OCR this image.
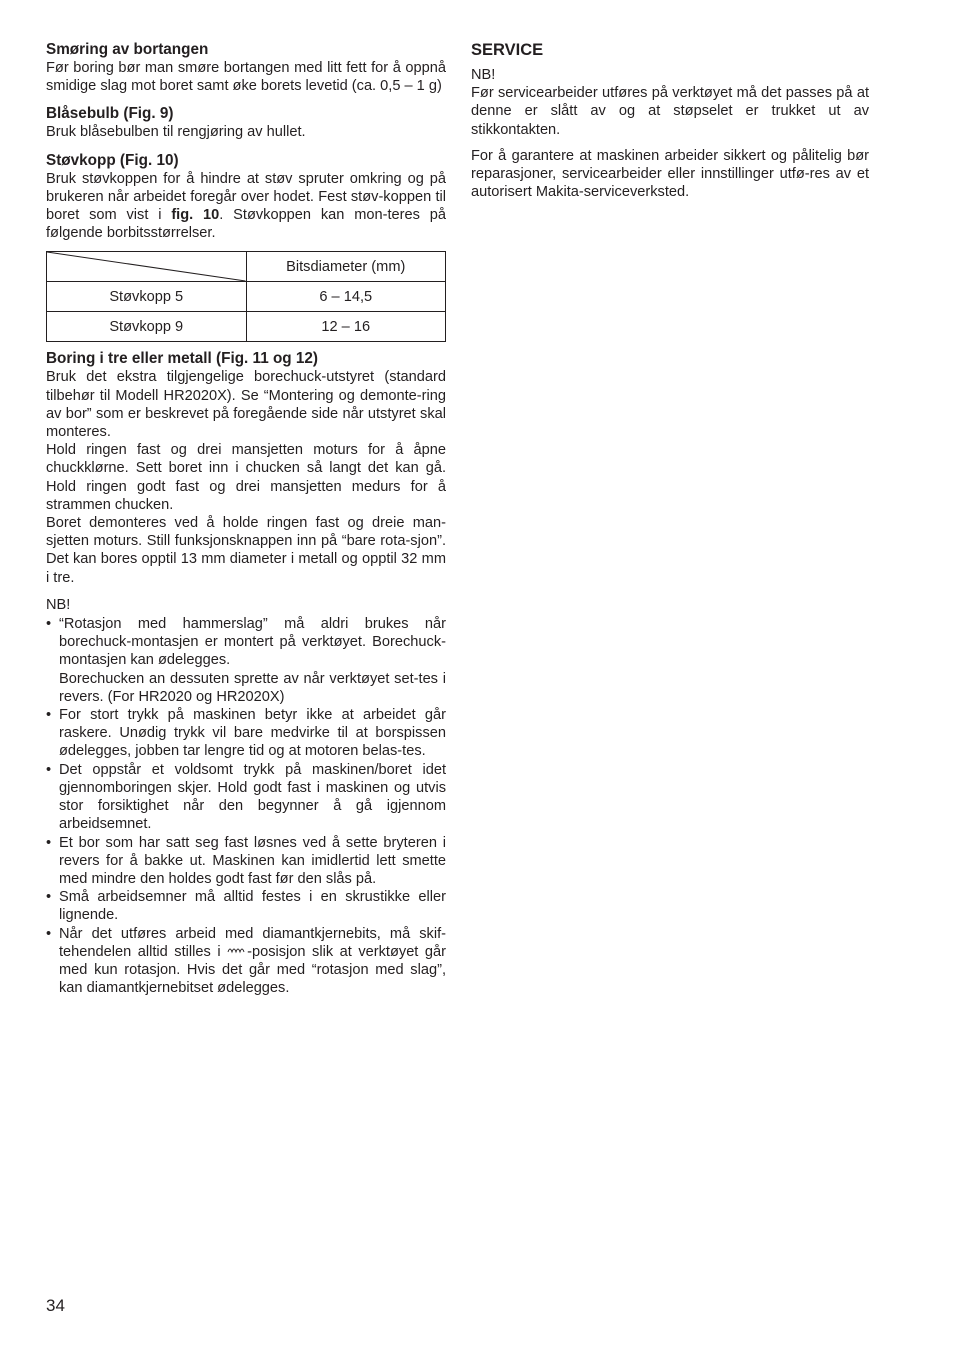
Smøring av bortangen

Før boring bør man smøre bortangen med litt fett for å oppnå smidige slag mot boret samt øke borets levetid (ca. 0,5 – 1 g)

Blåsebulb (Fig. 9)

Bruk blåsebulben til rengjøring av hullet.

Støvkopp (Fig. 10)

Bruk støvkoppen for å hindre at støv spruter omkring og på brukeren når arbeidet foregår over hodet. Fest støv-koppen til boret som vist i fig. 10. Støvkoppen kan mon-teres på følgende borbitsstørrelser.

	Bitsdiameter (mm)
Støvkopp 5	6 – 14,5
Støvkopp 9	12 – 16
Boring i tre eller metall (Fig. 11 og 12)

Bruk det ekstra tilgjengelige borechuck-utstyret (standard tilbehør til Modell HR2020X). Se “Montering og demonte-ring av bor” som er beskrevet på foregående side når utstyret skal monteres.

Hold ringen fast og drei mansjetten moturs for å åpne chuckklørne. Sett boret inn i chucken så langt det kan gå. Hold ringen godt fast og drei mansjetten medurs for å strammen chucken.

Boret demonteres ved å holde ringen fast og dreie man-sjetten moturs. Still funksjonsknappen inn på “bare rota-sjon”. Det kan bores opptil 13 mm diameter i metall og opptil 32 mm i tre.

NB!

• “Rotasjon med hammerslag” må aldri brukes når borechuck-montasjen er montert på verktøyet. Borechuck-montasjen kan ødelegges.
Borechucken an dessuten sprette av når verktøyet set-tes i revers. (For HR2020 og HR2020X)
• For stort trykk på maskinen betyr ikke at arbeidet går raskere. Unødig trykk vil bare medvirke til at borspissen ødelegges, jobben tar lengre tid og at motoren belas-tes.
• Det oppstår et voldsomt trykk på maskinen/boret idet gjennomboringen skjer. Hold godt fast i maskinen og utvis stor forsiktighet når den begynner å gå igjennom arbeidsemnet.
• Et bor som har satt seg fast løsnes ved å sette bryteren i revers for å bakke ut. Maskinen kan imidlertid lett smette med mindre den holdes godt fast før den slås på.
• Små arbeidsemner må alltid festes i en skrustikke eller lignende.
• Når det utføres arbeid med diamantkjernebits, må skif-tehendelen alltid stilles i -posisjon slik at verktøyet går med kun rotasjon. Hvis det går med “rotasjon med slag”, kan diamantkjernebitset ødelegges.
SERVICE

NB!

Før servicearbeider utføres på verktøyet må det passes på at denne er slått av og at støpselet er trukket ut av stikkontakten.

For å garantere at maskinen arbeider sikkert og pålitelig bør reparasjoner, servicearbeider eller innstillinger utfø-res av et autorisert Makita-serviceverksted.

34
